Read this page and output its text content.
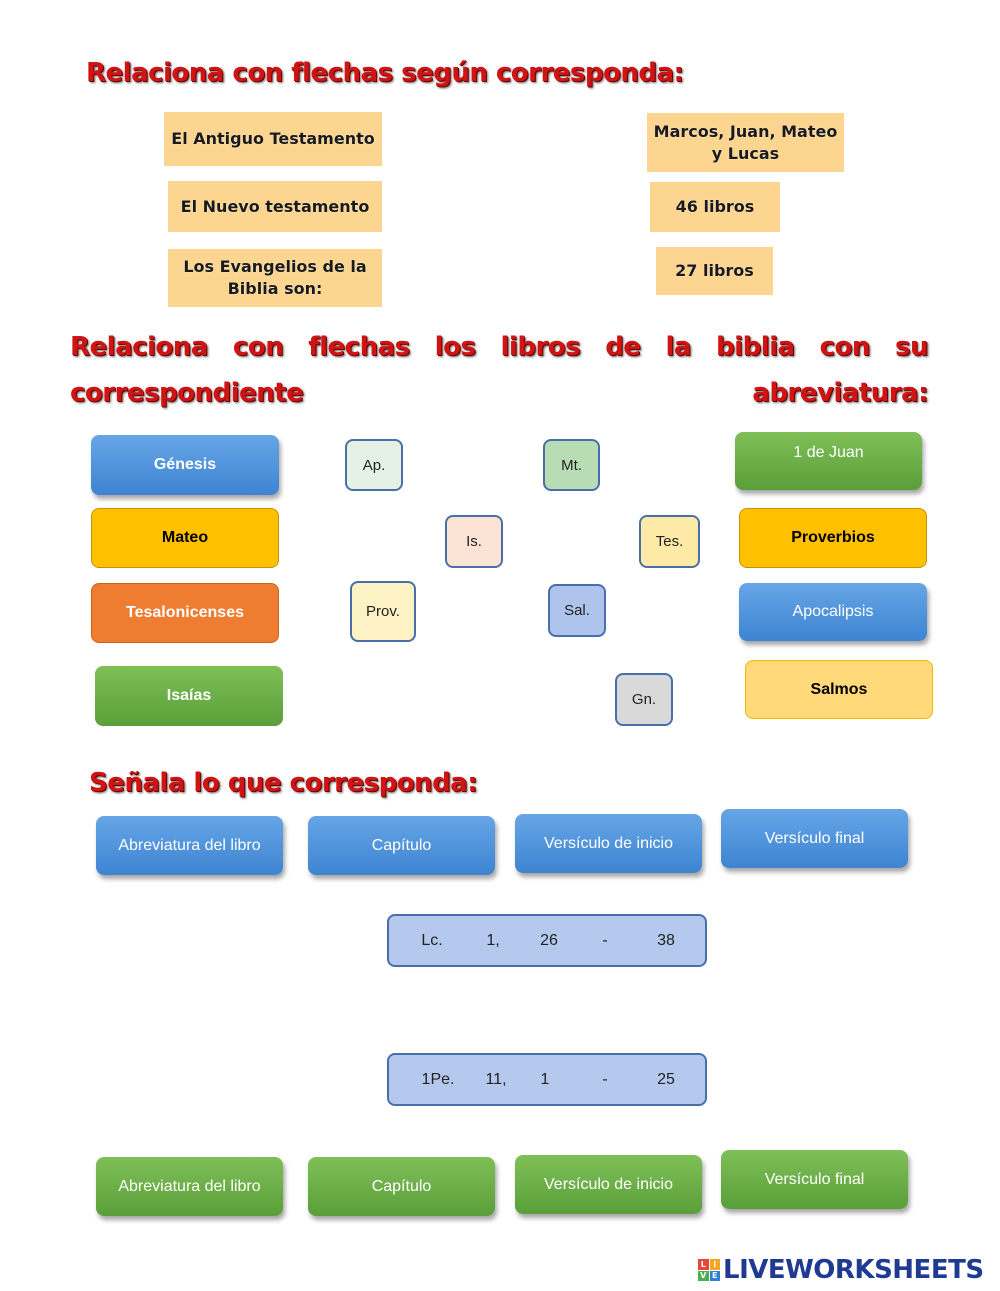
Relaciona con flechas según corresponda:
El Antiguo Testamento
El Nuevo testamento
Los Evangelios de la Biblia son:
Marcos, Juan, Mateo y Lucas
46 libros
27 libros
Relaciona con flechas los libros de la biblia con su correspondiente abreviatura:
Génesis
Mateo
Tesalonicenses
Isaías
1 de Juan
Proverbios
Apocalipsis
Salmos
Ap.	Mt.
Is.	Tes.
Prov.	Sal.
Gn.
Señala lo que corresponda:
Abreviatura del libro	Capítulo	Versículo de inicio	Versículo final
Lc.	1,	26	-	38
1Pe. 11, 1	-	25
Abreviatura del libro	Capítulo	Versículo de inicio	Versículo final
L I
V E LIVEWORKSHEETS
